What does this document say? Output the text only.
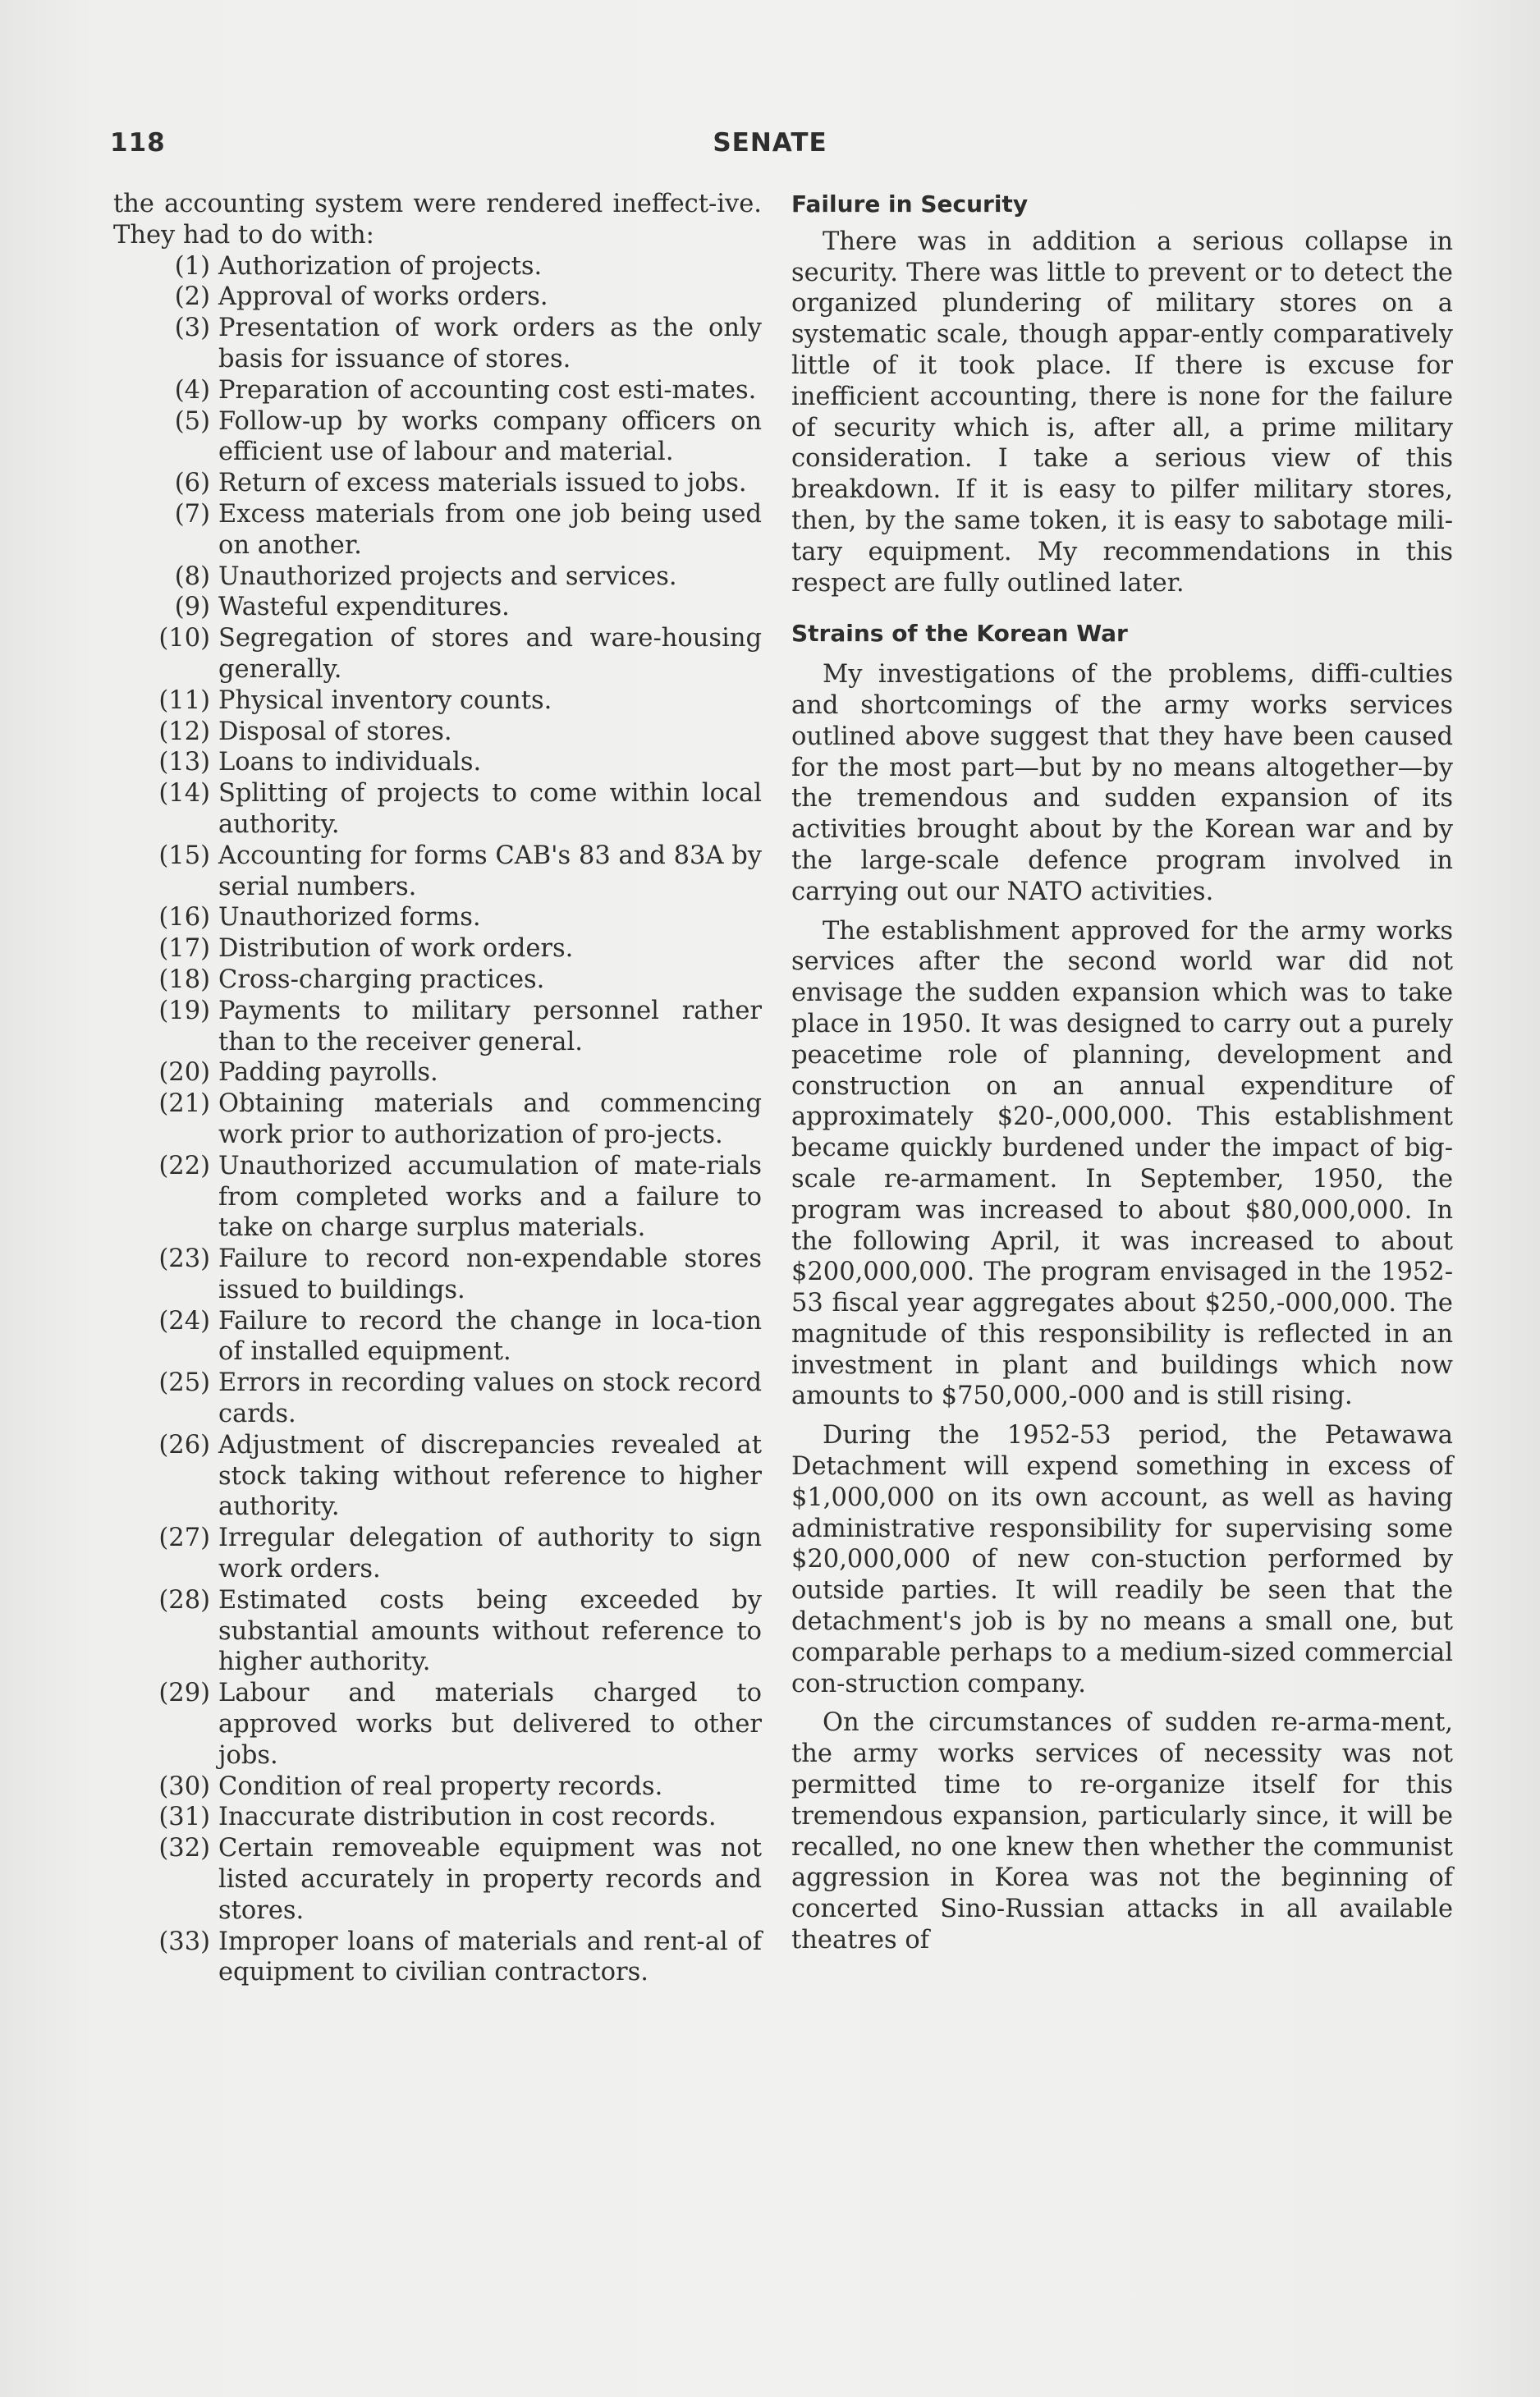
118	SENATE

the accounting system were rendered ineffect-ive. They had to do with:

(1) Authorization of projects.
(2) Approval of works orders.
(3) Presentation of work orders as the only basis for issuance of stores.
(4) Preparation of accounting cost esti-mates.
(5) Follow-up by works company officers on efficient use of labour and material.
(6) Return of excess materials issued to jobs.
(7) Excess materials from one job being used on another.
(8) Unauthorized projects and services.
(9) Wasteful expenditures.
(10) Segregation of stores and ware-housing generally.
(11) Physical inventory counts.
(12) Disposal of stores.
(13) Loans to individuals.
(14) Splitting of projects to come within local authority.
(15) Accounting for forms CAB's 83 and 83A by serial numbers.
(16) Unauthorized forms.
(17) Distribution of work orders.
(18) Cross-charging practices.
(19) Payments to military personnel rather than to the receiver general.
(20) Padding payrolls.
(21) Obtaining materials and commencing work prior to authorization of pro-jects.
(22) Unauthorized accumulation of mate-rials from completed works and a failure to take on charge surplus materials.
(23) Failure to record non-expendable stores issued to buildings.
(24) Failure to record the change in loca-tion of installed equipment.
(25) Errors in recording values on stock record cards.
(26) Adjustment of discrepancies revealed at stock taking without reference to higher authority.
(27) Irregular delegation of authority to sign work orders.
(28) Estimated costs being exceeded by substantial amounts without reference to higher authority.
(29) Labour and materials charged to approved works but delivered to other jobs.
(30) Condition of real property records.
(31) Inaccurate distribution in cost records.
(32) Certain removeable equipment was not listed accurately in property records and stores.
(33) Improper loans of materials and rent-al of equipment to civilian contractors.
Failure in Security

There was in addition a serious collapse in security. There was little to prevent or to detect the organized plundering of military stores on a systematic scale, though appar-ently comparatively little of it took place. If there is excuse for inefficient accounting, there is none for the failure of security which is, after all, a prime military consideration. I take a serious view of this breakdown. If it is easy to pilfer military stores, then, by the same token, it is easy to sabotage mili-tary equipment. My recommendations in this respect are fully outlined later.

Strains of the Korean War

My investigations of the problems, diffi-culties and shortcomings of the army works services outlined above suggest that they have been caused for the most part—but by no means altogether—by the tremendous and sudden expansion of its activities brought about by the Korean war and by the large-scale defence program involved in carrying out our NATO activities.

The establishment approved for the army works services after the second world war did not envisage the sudden expansion which was to take place in 1950. It was designed to carry out a purely peacetime role of planning, development and construction on an annual expenditure of approximately $20-,000,000. This establishment became quickly burdened under the impact of big-scale re-armament. In September, 1950, the program was increased to about $80,000,000. In the following April, it was increased to about $200,000,000. The program envisaged in the 1952-53 fiscal year aggregates about $250,-000,000. The magnitude of this responsibility is reflected in an investment in plant and buildings which now amounts to $750,000,-000 and is still rising.

During the 1952-53 period, the Petawawa Detachment will expend something in excess of $1,000,000 on its own account, as well as having administrative responsibility for supervising some $20,000,000 of new con-stuction performed by outside parties. It will readily be seen that the detachment's job is by no means a small one, but comparable perhaps to a medium-sized commercial con-struction company.

On the circumstances of sudden re-arma-ment, the army works services of necessity was not permitted time to re-organize itself for this tremendous expansion, particularly since, it will be recalled, no one knew then whether the communist aggression in Korea was not the beginning of concerted Sino-Russian attacks in all available theatres of
